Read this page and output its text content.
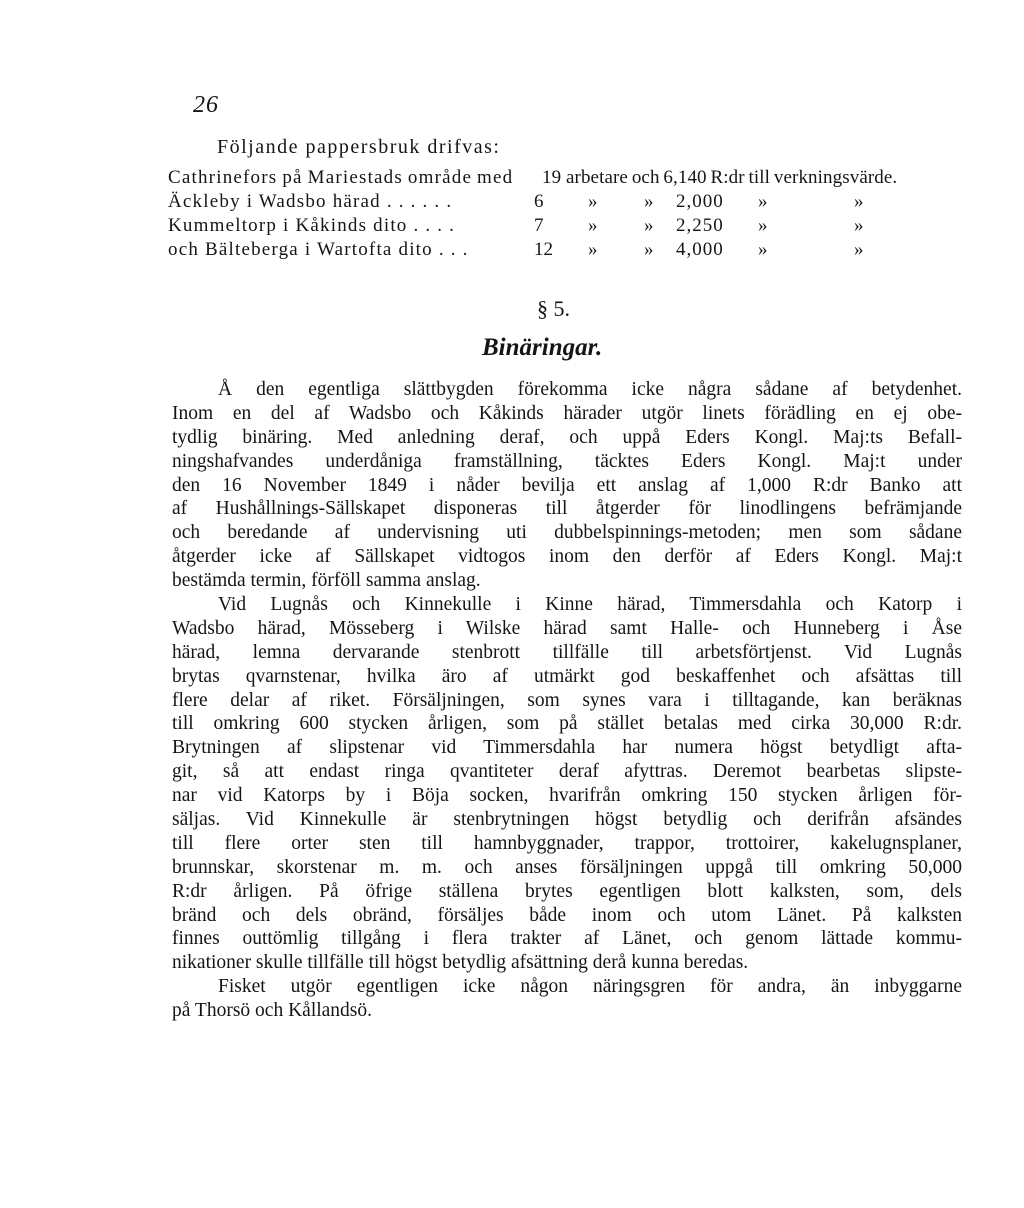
26
Följande pappersbruk drifvas:
Cathrinefors på Mariestads område med 19 arbetare och 6,140 R:dr till verkningsvärde.
Äckleby i Wadsbo härad . . . . . .	6 » » 2,000 »	»
Kummeltorp i Kåkinds dito . . . .	7 » » 2,250 »	»
och Bälteberga i Wartofta dito . . .	12 » » 4,000 »	»
§ 5.
Binäringar.
Å den egentliga slättbygden förekomma icke några sådane af betydenhet.
Inom en del af Wadsbo och Kåkinds härader utgör linets förädling en ej obe-
tydlig binäring. Med anledning deraf, och uppå Eders Kongl. Maj:ts Befall-
ningshafvandes underdåniga framställning, täcktes Eders Kongl. Maj:t under
den 16 November 1849 i nåder bevilja ett anslag af 1,000 R:dr Banko att
af Hushållnings-Sällskapet disponeras till åtgerder för linodlingens befrämjande
och beredande af undervisning uti dubbelspinnings-metoden; men som sådane
åtgerder icke af Sällskapet vidtogos inom den derför af Eders Kongl. Maj:t
bestämda termin, förföll samma anslag.
Vid Lugnås och Kinnekulle i Kinne härad, Timmersdahla och Katorp i
Wadsbo härad, Mösseberg i Wilske härad samt Halle- och Hunneberg i Åse
härad, lemna dervarande stenbrott tillfälle till arbetsförtjenst. Vid Lugnås
brytas qvarnstenar, hvilka äro af utmärkt god beskaffenhet och afsättas till
flere delar af riket. Försäljningen, som synes vara i tilltagande, kan beräknas
till omkring 600 stycken årligen, som på stället betalas med cirka 30,000 R:dr.
Brytningen af slipstenar vid Timmersdahla har numera högst betydligt afta-
git, så att endast ringa qvantiteter deraf afyttras. Deremot bearbetas slipste-
nar vid Katorps by i Böja socken, hvarifrån omkring 150 stycken årligen för-
säljas. Vid Kinnekulle är stenbrytningen högst betydlig och derifrån afsändes
till flere orter sten till hamnbyggnader, trappor, trottoirer, kakelugnsplaner,
brunnskar, skorstenar m. m. och anses försäljningen uppgå till omkring 50,000
R:dr årligen. På öfrige ställena brytes egentligen blott kalksten, som, dels
bränd och dels obränd, försäljes både inom och utom Länet. På kalksten
finnes outtömlig tillgång i flera trakter af Länet, och genom lättade kommu-
nikationer skulle tillfälle till högst betydlig afsättning derå kunna beredas.
Fisket utgör egentligen icke någon näringsgren för andra, än inbyggarne
på Thorsö och Kållandsö.
